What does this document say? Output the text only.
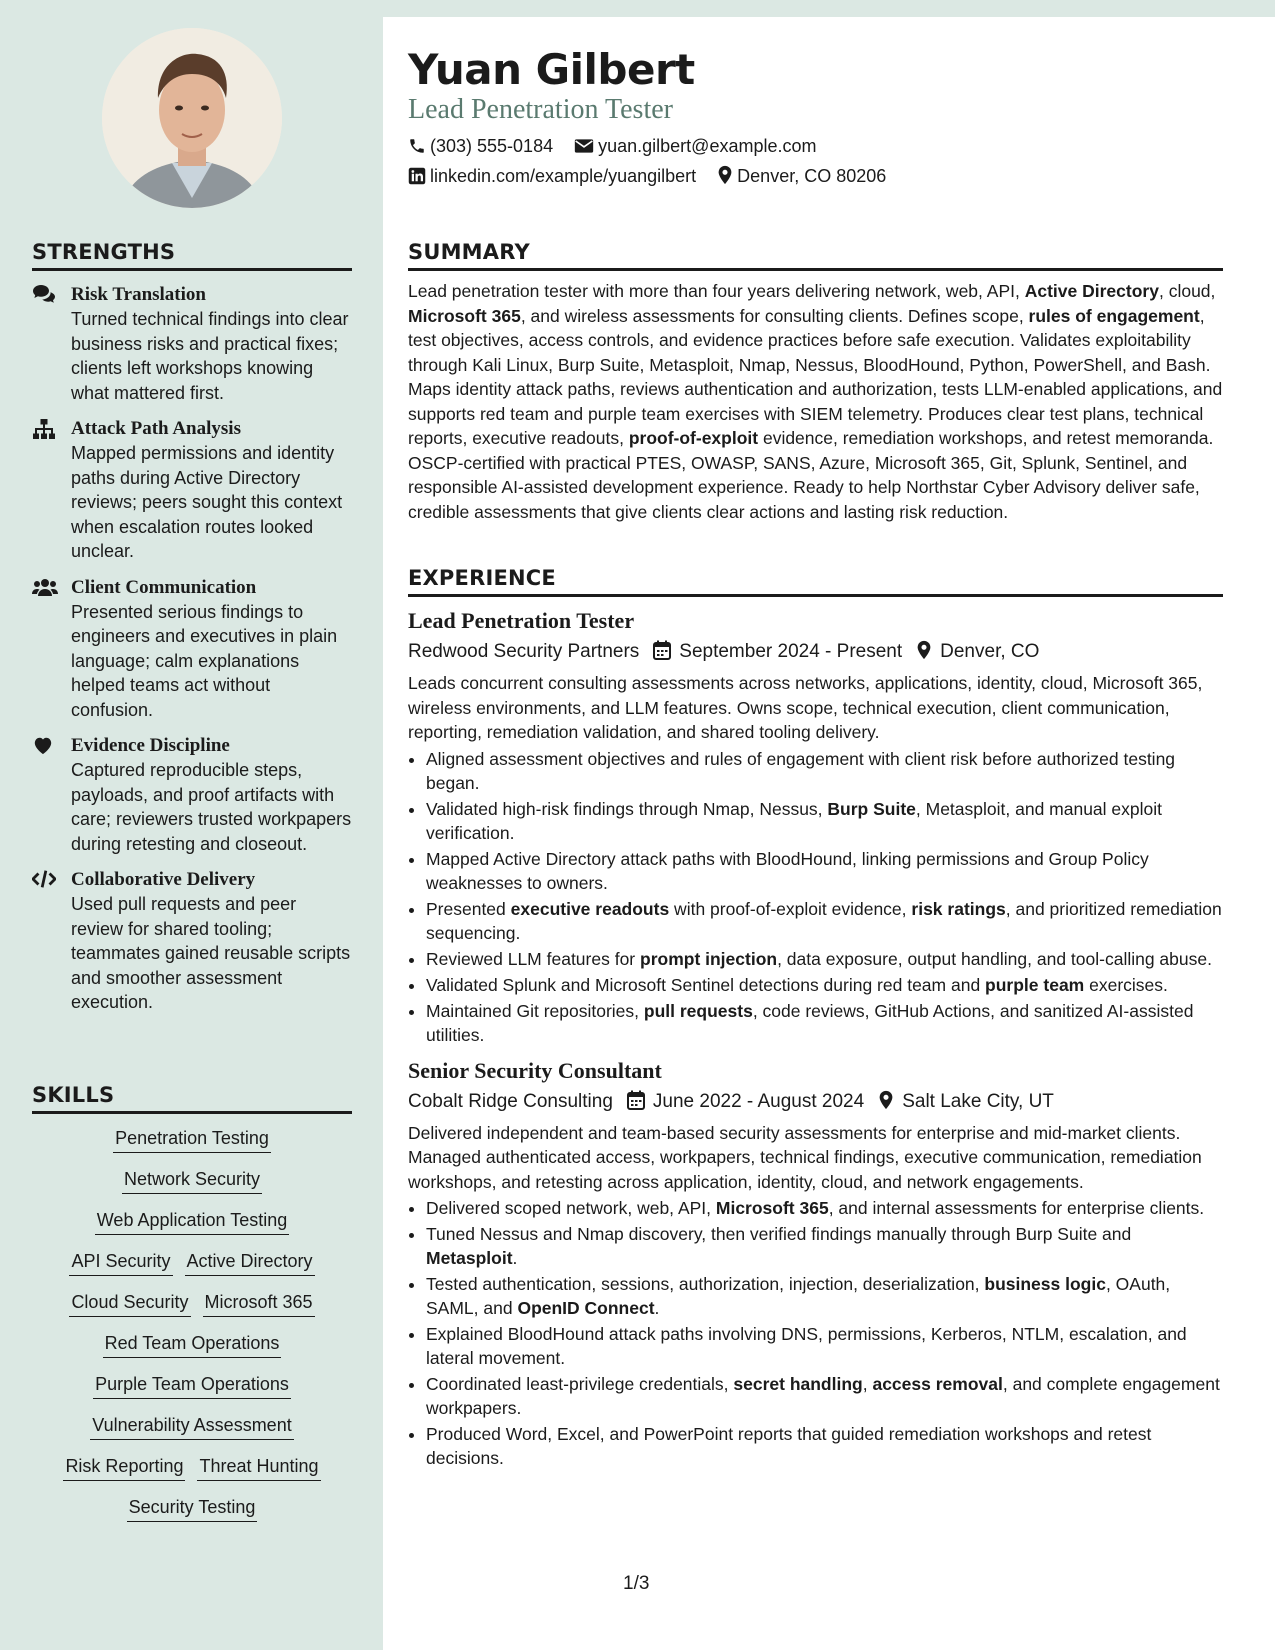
STRENGTHS
Risk Translation
Turned technical findings into clear business risks and practical fixes; clients left workshops knowing what mattered first.
Attack Path Analysis
Mapped permissions and identity paths during Active Directory reviews; peers sought this context when escalation routes looked unclear.
Client Communication
Presented serious findings to engineers and executives in plain language; calm explanations helped teams act without confusion.
Evidence Discipline
Captured reproducible steps, payloads, and proof artifacts with care; reviewers trusted workpapers during retesting and closeout.
Collaborative Delivery
Used pull requests and peer review for shared tooling; teammates gained reusable scripts and smoother assessment execution.
SKILLS
Penetration Testing
Network Security
Web Application Testing
API Security Active Directory
Cloud Security Microsoft 365
Red Team Operations
Purple Team Operations
Vulnerability Assessment
Risk Reporting Threat Hunting
Security Testing
Yuan Gilbert
Lead Penetration Tester
(303) 555-0184	yuan.gilbert@example.com
linkedin.com/example/yuangilbert Denver, CO 80206
SUMMARY

Lead penetration tester with more than four years delivering network, web, API, Active Directory, cloud, Microsoft 365, and wireless assessments for consulting clients. Defines scope, rules of engagement, test objectives, access controls, and evidence practices before safe execution. Validates exploitability through Kali Linux, Burp Suite, Metasploit, Nmap, Nessus, BloodHound, Python, PowerShell, and Bash. Maps identity attack paths, reviews authentication and authorization, tests LLM-enabled applications, and supports red team and purple team exercises with SIEM telemetry. Produces clear test plans, technical reports, executive readouts, proof-of-exploit evidence, remediation workshops, and retest memoranda. OSCP-certified with practical PTES, OWASP, SANS, Azure, Microsoft 365, Git, Splunk, Sentinel, and responsible AI-assisted development experience. Ready to help Northstar Cyber Advisory deliver safe, credible assessments that give clients clear actions and lasting risk reduction.

EXPERIENCE
Lead Penetration Tester
Redwood Security Partners September 2024 - Present Denver, CO

Leads concurrent consulting assessments across networks, applications, identity, cloud, Microsoft 365, wireless environments, and LLM features. Owns scope, technical execution, client communication, reporting, remediation validation, and shared tooling delivery.

• Aligned assessment objectives and rules of engagement with client risk before authorized testing began.
• Validated high-risk findings through Nmap, Nessus, Burp Suite, Metasploit, and manual exploit verification.
• Mapped Active Directory attack paths with BloodHound, linking permissions and Group Policy weaknesses to owners.
• Presented executive readouts with proof-of-exploit evidence, risk ratings, and prioritized remediation sequencing.
• Reviewed LLM features for prompt injection, data exposure, output handling, and tool-calling abuse.
• Validated Splunk and Microsoft Sentinel detections during red team and purple team exercises.
• Maintained Git repositories, pull requests, code reviews, GitHub Actions, and sanitized AI-assisted utilities.
Senior Security Consultant
Cobalt Ridge Consulting June 2022 - August 2024 Salt Lake City, UT

Delivered independent and team-based security assessments for enterprise and mid-market clients. Managed authenticated access, workpapers, technical findings, executive communication, remediation workshops, and retesting across application, identity, cloud, and network engagements.

• Delivered scoped network, web, API, Microsoft 365, and internal assessments for enterprise clients.
• Tuned Nessus and Nmap discovery, then verified findings manually through Burp Suite and Metasploit.
• Tested authentication, sessions, authorization, injection, deserialization, business logic, OAuth, SAML, and OpenID Connect.
• Explained BloodHound attack paths involving DNS, permissions, Kerberos, NTLM, escalation, and lateral movement.
• Coordinated least-privilege credentials, secret handling, access removal, and complete engagement workpapers.
• Produced Word, Excel, and PowerPoint reports that guided remediation workshops and retest decisions.
1/3
